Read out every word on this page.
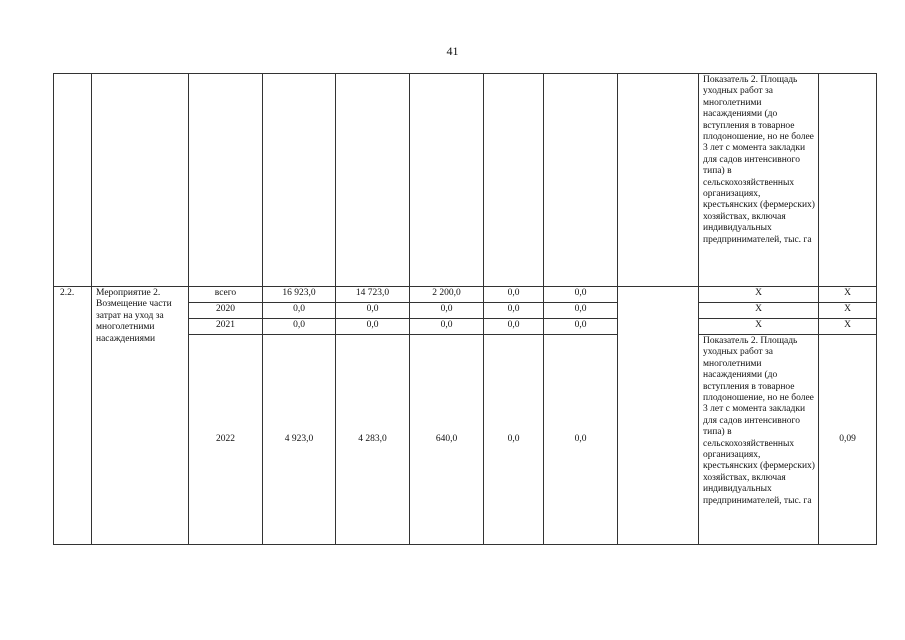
41
									Показатель 2. Площадь уходных работ за многолетними насаждениями (до вступления в товарное плодоношение, но не более 3 лет с момента закладки для садов интенсивного типа) в сельскохозяйственных организациях, крестьянских (фермерских) хозяйствах, включая индивидуальных предпринимателей, тыс. га	
2.2.	Мероприятие 2. Возмещение части затрат на уход за многолетними насаждениями	всего	16 923,0	14 723,0	2 200,0	0,0	0,0		X	X
		2020	0,0	0,0	0,0	0,0	0,0		X	X
		2021	0,0	0,0	0,0	0,0	0,0		X	X
		2022	4 923,0	4 283,0	640,0	0,0	0,0		Показатель 2. Площадь уходных работ за многолетними насаждениями (до вступления в товарное плодоношение, но не более 3 лет с момента закладки для садов интенсивного типа) в сельскохозяйственных организациях, крестьянских (фермерских) хозяйствах, включая индивидуальных предпринимателей, тыс. га	0,09
